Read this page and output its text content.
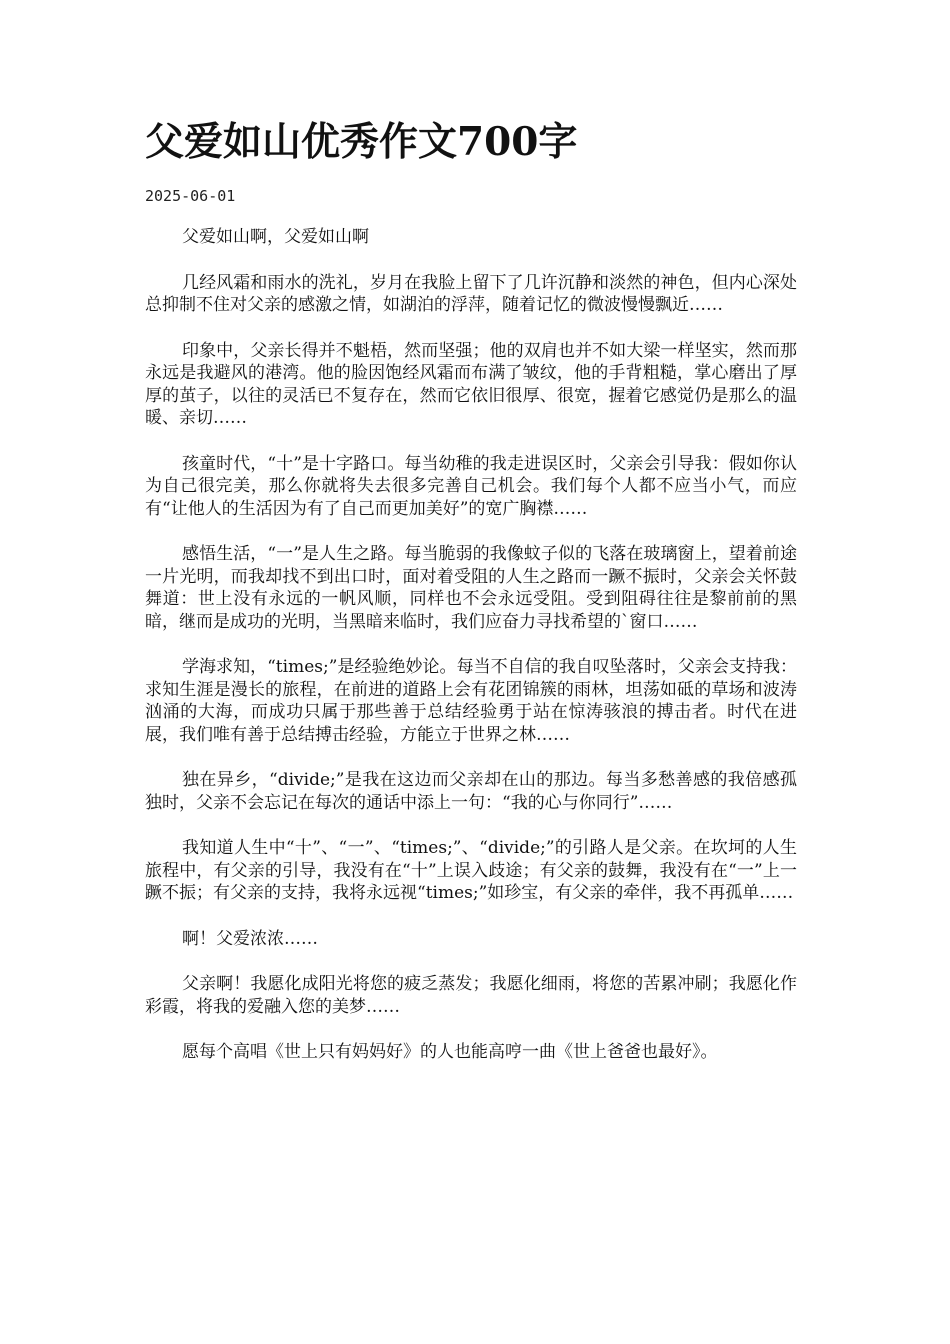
父爱如山优秀作文700字
2025-06-01

父爱如山啊，父爱如山啊

几经风霜和雨水的洗礼，岁月在我脸上留下了几许沉静和淡然的神色，但内心深处总抑制不住对父亲的感激之情，如湖泊的浮萍，随着记忆的微波慢慢飘近……

印象中，父亲长得并不魁梧，然而坚强；他的双肩也并不如大梁一样坚实，然而那永远是我避风的港湾。他的脸因饱经风霜而布满了皱纹，他的手背粗糙，掌心磨出了厚厚的茧子，以往的灵活已不复存在，然而它依旧很厚、很宽，握着它感觉仍是那么的温暖、亲切……

孩童时代，“十”是十字路口。每当幼稚的我走进误区时，父亲会引导我：假如你认为自己很完美，那么你就将失去很多完善自己机会。我们每个人都不应当小气，而应有“让他人的生活因为有了自己而更加美好”的宽广胸襟……

感悟生活，“一”是人生之路。每当脆弱的我像蚊子似的飞落在玻璃窗上，望着前途一片光明，而我却找不到出口时，面对着受阻的人生之路而一蹶不振时，父亲会关怀鼓舞道：世上没有永远的一帆风顺，同样也不会永远受阻。受到阻碍往往是黎前前的黑暗，继而是成功的光明，当黑暗来临时，我们应奋力寻找希望的`窗口……

学海求知，“times;”是经验绝妙论。每当不自信的我自叹坠落时，父亲会支持我：求知生涯是漫长的旅程，在前进的道路上会有花团锦簇的雨林，坦荡如砥的草场和波涛汹涌的大海，而成功只属于那些善于总结经验勇于站在惊涛骇浪的搏击者。时代在进展，我们唯有善于总结搏击经验，方能立于世界之林……

独在异乡，“divide;”是我在这边而父亲却在山的那边。每当多愁善感的我倍感孤独时，父亲不会忘记在每次的通话中添上一句：“我的心与你同行”……

我知道人生中“十”、“一”、“times;”、“divide;”的引路人是父亲。在坎坷的人生旅程中，有父亲的引导，我没有在“十”上误入歧途；有父亲的鼓舞，我没有在“一”上一蹶不振；有父亲的支持，我将永远视“times;”如珍宝，有父亲的牵伴，我不再孤单……

啊！父爱浓浓……

父亲啊！我愿化成阳光将您的疲乏蒸发；我愿化细雨，将您的苦累冲刷；我愿化作彩霞，将我的爱融入您的美梦……

愿每个高唱《世上只有妈妈好》的人也能高哼一曲《世上爸爸也最好》。
